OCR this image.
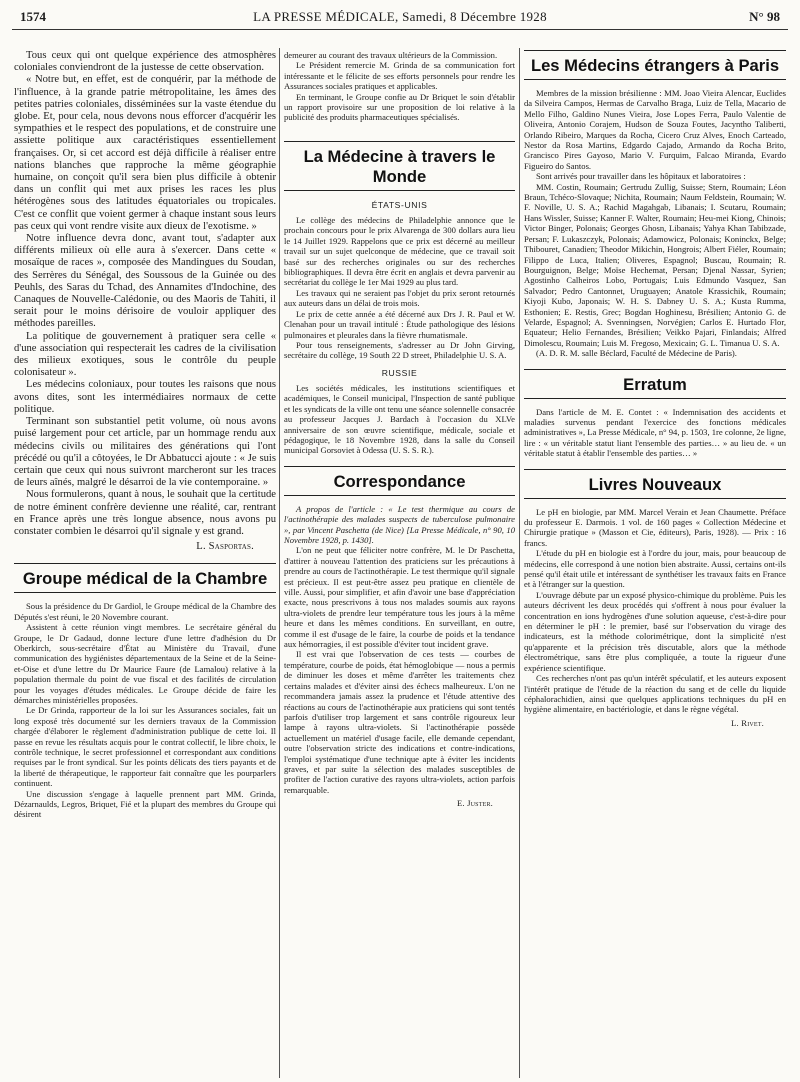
1574	LA PRESSE MÉDICALE, Samedi, 8 Décembre 1928	N° 98

Tous ceux qui ont quelque expérience des atmosphères coloniales conviendront de la justesse de cette observation.

« Notre but, en effet, est de conquérir, par la méthode de l'influence, à la grande patrie métropolitaine, les âmes des petites patries coloniales, disséminées sur la vaste étendue du globe. Et, pour cela, nous devons nous efforcer d'acquérir les sympathies et le respect des populations, et de construire une assiette politique aux caractéristiques essentiellement françaises. Or, si cet accord est déjà difficile à réaliser entre nations blanches que rapproche la même géographie humaine, on conçoit qu'il sera bien plus difficile à obtenir dans un conflit qui met aux prises les races les plus hétérogènes sous des latitudes équatoriales ou tropicales. C'est ce conflit que voient germer à chaque instant sous leurs pas ceux qui vont rendre visite aux dieux de l'exotisme. »

Notre influence devra donc, avant tout, s'adapter aux différents milieux où elle aura à s'exercer. Dans cette « mosaïque de races », composée des Mandingues du Soudan, des Serrères du Sénégal, des Soussous de la Guinée ou des Peuhls, des Saras du Tchad, des Annamites d'Indochine, des Canaques de Nouvelle-Calédonie, ou des Maoris de Tahiti, il serait pour le moins dérisoire de vouloir appliquer des méthodes pareilles.

La politique de gouvernement à pratiquer sera celle « d'une association qui respecterait les cadres de la civilisation des milieux exotiques, sous le contrôle du peuple colonisateur ».

Les médecins coloniaux, pour toutes les raisons que nous avons dites, sont les intermédiaires normaux de cette politique.

Terminant son substantiel petit volume, où nous avons puisé largement pour cet article, par un hommage rendu aux médecins civils ou militaires des générations qui l'ont précédé ou qu'il a côtoyées, le Dr Abbatucci ajoute : « Je suis certain que ceux qui nous suivront marcheront sur les traces de leurs aînés, malgré le désarroi de la vie contemporaine. »

Nous formulerons, quant à nous, le souhait que la certitude de notre éminent confrère devienne une réalité, car, rentrant en France après une très longue absence, nous avons pu constater combien le désarroi qu'il signale y est grand.

L. Sasportas.

Groupe médical de la Chambre

Sous la présidence du Dr Gardiol, le Groupe médical de la Chambre des Députés s'est réuni, le 20 Novembre courant.

Assistent à cette réunion vingt membres. Le secrétaire général du Groupe, le Dr Gadaud, donne lecture d'une lettre d'adhésion du Dr Oberkirch, sous-secrétaire d'État au Ministère du Travail, d'une communication des hygiénistes départementaux de la Seine et de la Seine-et-Oise et d'une lettre du Dr Maurice Faure (de Lamalou) relative à la population thermale du point de vue fiscal et des facilités de circulation pour les voyages d'études médicales. Le Groupe décide de faire les démarches ministérielles proposées.

Le Dr Grinda, rapporteur de la loi sur les Assurances sociales, fait un long exposé très documenté sur les derniers travaux de la Commission chargée d'élaborer le règlement d'administration publique de cette loi. Il passe en revue les résultats acquis pour le contrat collectif, le libre choix, le contrôle technique, le secret professionnel et correspondant aux conditions requises par le front syndical. Sur les points délicats des tiers payants et de la liberté de thérapeutique, le rapporteur fait connaître que les pourparlers continuent.

Une discussion s'engage à laquelle prennent part MM. Grinda, Dézarnaulds, Legros, Briquet, Fié et la plupart des membres du Groupe qui désirent

demeurer au courant des travaux ultérieurs de la Commission.

Le Président remercie M. Grinda de sa communication fort intéressante et le félicite de ses efforts personnels pour rendre les Assurances sociales pratiques et applicables.

En terminant, le Groupe confie au Dr Briquet le soin d'établir un rapport provisoire sur une proposition de loi relative à la publicité des produits pharmaceutiques spécialisés.

La Médecine à travers le Monde
ÉTATS-UNIS

Le collège des médecins de Philadelphie annonce que le prochain concours pour le prix Alvarenga de 300 dollars aura lieu le 14 Juillet 1929. Rappelons que ce prix est décerné au meilleur travail sur un sujet quelconque de médecine, que ce travail soit basé sur des recherches originales ou sur des recherches bibliographiques. Il devra être écrit en anglais et devra parvenir au secrétariat du collège le 1er Mai 1929 au plus tard.

Les travaux qui ne seraient pas l'objet du prix seront retournés aux auteurs dans un délai de trois mois.

Le prix de cette année a été décerné aux Drs J. R. Paul et W. Clenahan pour un travail intitulé : Étude pathologique des lésions pulmonaires et pleurales dans la fièvre rhumatismale.

Pour tous renseignements, s'adresser au Dr John Girving, secrétaire du collège, 19 South 22 D street, Philadelphie U. S. A.

RUSSIE

Les sociétés médicales, les institutions scientifiques et académiques, le Conseil municipal, l'Inspection de santé publique et les syndicats de la ville ont tenu une séance solennelle consacrée au professeur Jacques J. Bardach à l'occasion du XLVe anniversaire de son œuvre scientifique, médicale, sociale et pédagogique, le 18 Novembre 1928, dans la salle du Conseil municipal Gorsoviet à Odessa (U. S. S. R.).

Correspondance

A propos de l'article : « Le test thermique au cours de l'actinothérapie des malades suspects de tuberculose pulmonaire », par Vincent Paschetta (de Nice) [La Presse Médicale, n° 90, 10 Novembre 1928, p. 1430].

L'on ne peut que féliciter notre confrère, M. le Dr Paschetta, d'attirer à nouveau l'attention des praticiens sur les précautions à prendre au cours de l'actinothérapie. Le test thermique qu'il signale est précieux. Il est peut-être assez peu pratique en clientèle de ville. Aussi, pour simplifier, et afin d'avoir une base d'appréciation exacte, nous prescrivons à tous nos malades soumis aux rayons ultra-violets de prendre leur température tous les jours à la même heure et dans les mêmes conditions. En surveillant, en outre, comme il est d'usage de le faire, la courbe de poids et la tendance aux hémorragies, il est possible d'éviter tout incident grave.

Il est vrai que l'observation de ces tests — courbes de température, courbe de poids, état hémoglobique — nous a permis de diminuer les doses et même d'arrêter les traitements chez certains malades et d'éviter ainsi des échecs malheureux. L'on ne recommandera jamais assez la prudence et l'étude attentive des réactions au cours de l'actinothérapie aux praticiens qui sont tentés parfois d'utiliser trop largement et sans contrôle rigoureux leur lampe à rayons ultra-violets. Si l'actinothérapie possède actuellement un matériel d'usage facile, elle demande cependant, outre l'observation stricte des indications et contre-indications, l'emploi systématique d'une technique apte à éviter les incidents graves, et par suite la sélection des malades susceptibles de profiter de l'action curative des rayons ultra-violets, action parfois remarquable.

E. Juster.

Les Médecins étrangers à Paris

Membres de la mission brésilienne : MM. Joao Vieira Alencar, Euclides da Silveira Campos, Hermas de Carvalho Braga, Luiz de Tella, Macario de Mello Filho, Galdino Nunes Vieira, Jose Lopes Ferra, Paulo Valentie de Oliveira, Antonio Corajem, Hudson de Souza Foutes, Jacyntho Taliberti, Orlando Ribeiro, Marques da Rocha, Cicero Cruz Alves, Enoch Carteado, Nestor da Rosa Martins, Edgardo Cajado, Armando da Rocha Brito, Grancisco Pires Gayoso, Mario V. Furquim, Falcao Miranda, Evardo Figueiro do Santos.

Sont arrivés pour travailler dans les hôpitaux et laboratoires :

MM. Costin, Roumain; Gertrudu Zullig, Suisse; Stern, Roumain; Léon Braun, Tchéco-Slovaque; Nichita, Roumain; Naum Feldstein, Roumain; W. F. Noville, U. S. A.; Rachid Magahgab, Libanais; I. Scutaru, Roumain; Hans Wissler, Suisse; Kanner F. Walter, Roumain; Heu-mei Kiong, Chinois; Victor Binger, Polonais; Georges Ghosn, Libanais; Yahya Khan Tabibzade, Persan; F. Lukaszczyk, Polonais; Adamowicz, Polonais; Koninckx, Belge; Thibouret, Canadien; Theodor Mikichin, Hongrois; Albert Fiéler, Roumain; Filippo de Luca, Italien; Oliveres, Espagnol; Buscau, Roumain; R. Bourguignon, Belge; Moïse Hechemat, Persan; Djenal Nassar, Syrien; Agostinho Calheiros Lobo, Portugais; Luis Edmundo Vasquez, San Salvador; Pedro Cantonnet, Uruguayen; Anatole Krassichik, Roumain; Kiyoji Kubo, Japonais; W. H. S. Dabney U. S. A.; Kusta Rumma, Esthonien; E. Restis, Grec; Bogdan Hoghinesu, Brésilien; Antonio G. de Velarde, Espagnol; A. Svenningsen, Norvégien; Carlos E. Hurtado Flor, Equateur; Helio Fernandes, Brésilien; Veikko Pajari, Finlandais; Alfred Dimolescu, Roumain; Luis M. Fregoso, Mexicain; G. L. Timanua U. S. A.

(A. D. R. M. salle Béclard, Faculté de Médecine de Paris).

Erratum

Dans l'article de M. E. Contet : « Indemnisation des accidents et maladies survenus pendant l'exercice des fonctions médicales administratives », La Presse Médicale, n° 94, p. 1503, 1re colonne, 2e ligne, lire : « un véritable statut liant l'ensemble des parties… » au lieu de. « un véritable statut à établir l'ensemble des parties… »

Livres Nouveaux

Le pH en biologie, par MM. Marcel Verain et Jean Chaumette. Préface du professeur E. Darmois. 1 vol. de 160 pages « Collection Médecine et Chirurgie pratique » (Masson et Cie, éditeurs), Paris, 1928). — Prix : 16 francs.

L'étude du pH en biologie est à l'ordre du jour, mais, pour beaucoup de médecins, elle correspond à une notion bien abstraite. Aussi, certains ont-ils pensé qu'il était utile et intéressant de synthétiser les travaux faits en France et à l'étranger sur la question.

L'ouvrage débute par un exposé physico-chimique du problème. Puis les auteurs décrivent les deux procédés qui s'offrent à nous pour évaluer la concentration en ions hydrogènes d'une solution aqueuse, c'est-à-dire pour en déterminer le pH : le premier, basé sur l'observation du virage des indicateurs, est la méthode colorimétrique, dont la simplicité n'est qu'apparente et la précision très discutable, alors que la méthode électrométrique, sans être plus compliquée, a toute la rigueur d'une expérience scientifique.

Ces recherches n'ont pas qu'un intérêt spéculatif, et les auteurs exposent l'intérêt pratique de l'étude de la réaction du sang et de celle du liquide céphalorachidien, ainsi que quelques applications techniques du pH en hygiène alimentaire, en bactériologie, et dans le règne végétal.

L. Rivet.
